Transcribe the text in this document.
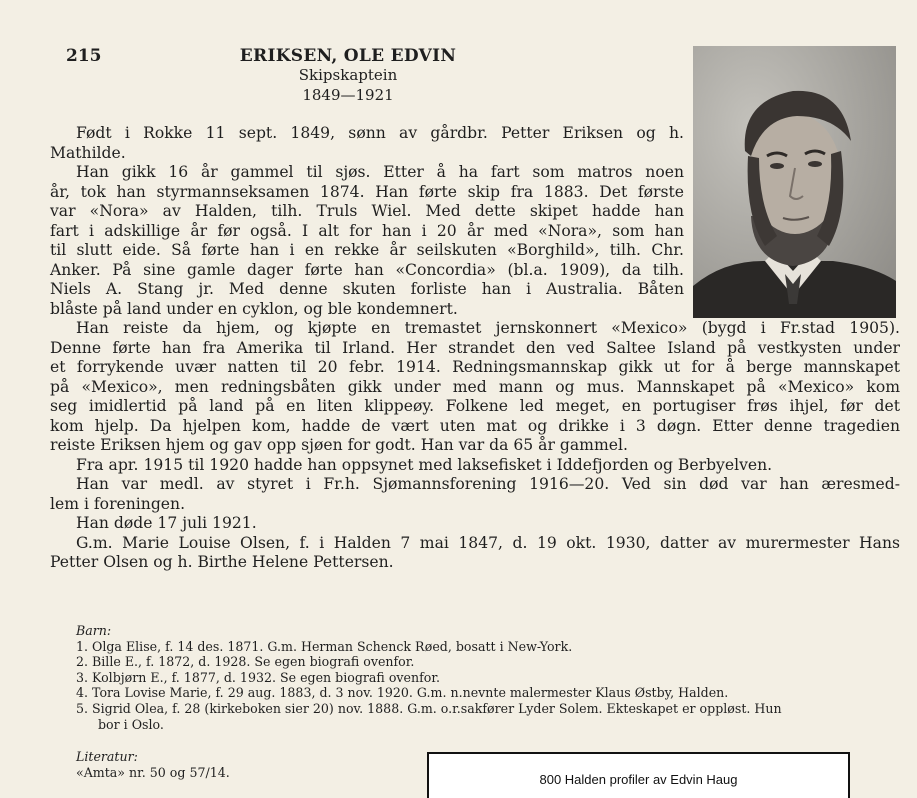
215	ERIKSEN, OLE EDVIN
Skipskaptein
1849—1921
Født i Rokke 11 sept. 1849, sønn av gårdbr. Petter Eriksen og h.
Mathilde.
Han gikk 16 år gammel til sjøs. Etter å ha fart som matros noen
år, tok han styrmannseksamen 1874. Han førte skip fra 1883. Det første
var «Nora» av Halden, tilh. Truls Wiel. Med dette skipet hadde han
fart i adskillige år før også. I alt for han i 20 år med «Nora», som han
til slutt eide. Så førte han i en rekke år seilskuten «Borghild», tilh. Chr.
Anker. På sine gamle dager førte han «Concordia» (bl.a. 1909), da tilh.
Niels A. Stang jr. Med denne skuten forliste han i Australia. Båten
blåste på land under en cyklon, og ble kondemnert.
Han reiste da hjem, og kjøpte en tremastet jernskonnert «Mexico» (bygd i Fr.stad 1905).
Denne førte han fra Amerika til Irland. Her strandet den ved Saltee Island på vestkysten under
et forrykende uvær natten til 20 febr. 1914. Redningsmannskap gikk ut for å berge mannskapet
på «Mexico», men redningsbåten gikk under med mann og mus. Mannskapet på «Mexico» kom
seg imidlertid på land på en liten klippeøy. Folkene led meget, en portugiser frøs ihjel, før det
kom hjelp. Da hjelpen kom, hadde de vært uten mat og drikke i 3 døgn. Etter denne tragedien
reiste Eriksen hjem og gav opp sjøen for godt. Han var da 65 år gammel.
Fra apr. 1915 til 1920 hadde han oppsynet med laksefisket i Iddefjorden og Berbyelven.
Han var medl. av styret i Fr.h. Sjømannsforening 1916—20. Ved sin død var han æresmed-
lem i foreningen.
Han døde 17 juli 1921.
G.m. Marie Louise Olsen, f. i Halden 7 mai 1847, d. 19 okt. 1930, datter av murermester Hans
Petter Olsen og h. Birthe Helene Pettersen.
Barn:
1. Olga Elise, f. 14 des. 1871. G.m. Herman Schenck Røed, bosatt i New-York.
2. Bille E., f. 1872, d. 1928. Se egen biografi ovenfor.
3. Kolbjørn E., f. 1877, d. 1932. Se egen biografi ovenfor.
4. Tora Lovise Marie, f. 29 aug. 1883, d. 3 nov. 1920. G.m. n.nevnte malermester Klaus Østby, Halden.
5. Sigrid Olea, f. 28 (kirkeboken sier 20) nov. 1888. G.m. o.r.sakfører Lyder Solem. Ekteskapet er oppløst. Hun
bor i Oslo.
Literatur:
«Amta» nr. 50 og 57/14.	800 Halden profiler av Edvin Haug
